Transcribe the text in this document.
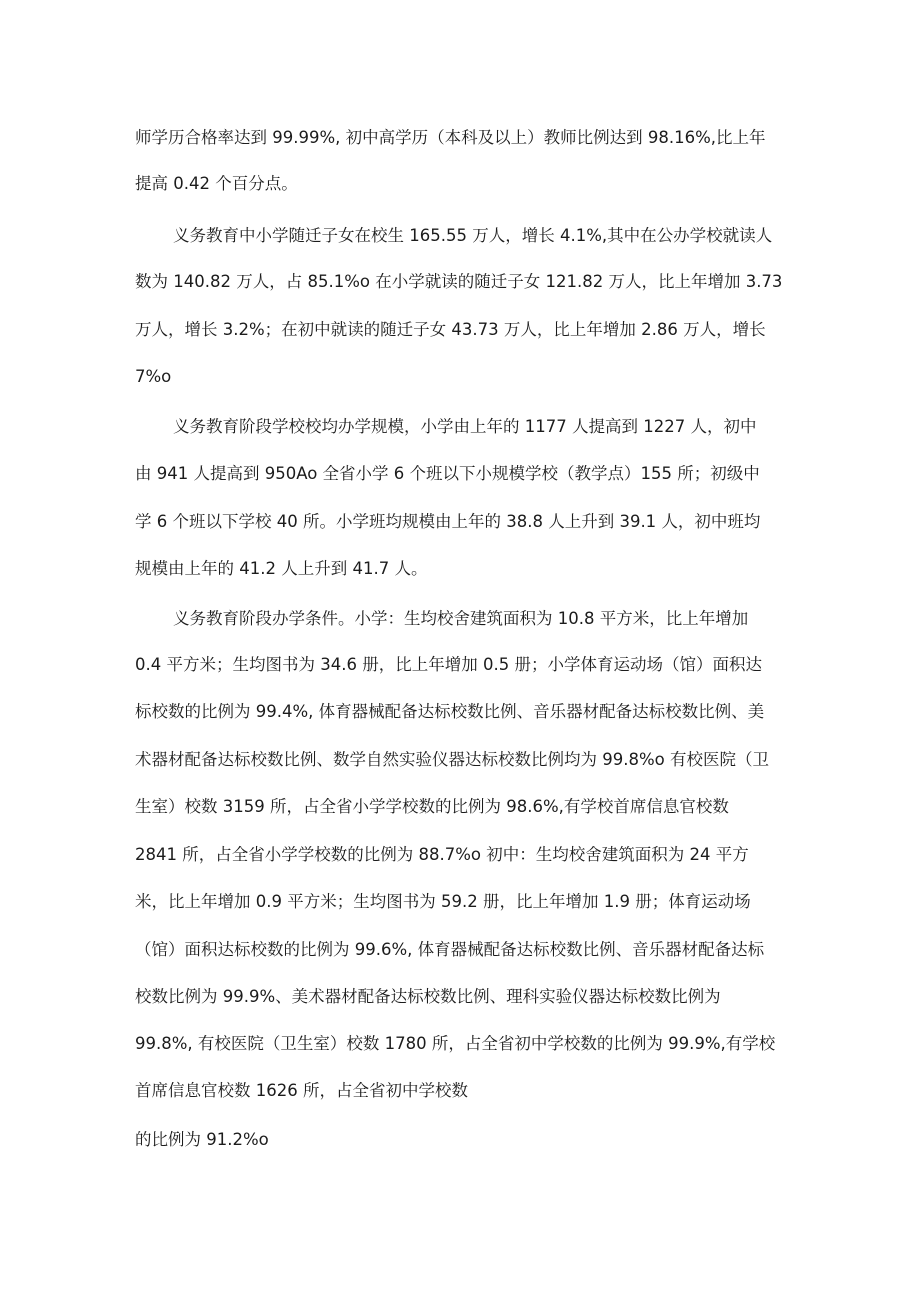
师学历合格率达到 99.99%, 初中高学历（本科及以上）教师比例达到 98.16%,比上年

提高 0.42 个百分点。

义务教育中小学随迁子女在校生 165.55 万人，增长 4.1%,其中在公办学校就读人

数为 140.82 万人，占 85.1%o 在小学就读的随迁子女 121.82 万人，比上年增加 3.73

万人，增长 3.2%；在初中就读的随迁子女 43.73 万人，比上年增加 2.86 万人，增长

7%o

义务教育阶段学校校均办学规模，小学由上年的 1177 人提高到 1227 人，初中

由 941 人提高到 950Ao 全省小学 6 个班以下小规模学校（教学点）155 所；初级中

学 6 个班以下学校 40 所。小学班均规模由上年的 38.8 人上升到 39.1 人，初中班均

规模由上年的 41.2 人上升到 41.7 人。

义务教育阶段办学条件。小学：生均校舍建筑面积为 10.8 平方米，比上年增加

0.4 平方米；生均图书为 34.6 册，比上年增加 0.5 册；小学体育运动场（馆）面积达

标校数的比例为 99.4%, 体育器械配备达标校数比例、音乐器材配备达标校数比例、美

术器材配备达标校数比例、数学自然实验仪器达标校数比例均为 99.8%o 有校医院（卫

生室）校数 3159 所，占全省小学学校数的比例为 98.6%,有学校首席信息官校数

2841 所，占全省小学学校数的比例为 88.7%o 初中：生均校舍建筑面积为 24 平方

米，比上年增加 0.9 平方米；生均图书为 59.2 册，比上年增加 1.9 册；体育运动场

（馆）面积达标校数的比例为 99.6%, 体育器械配备达标校数比例、音乐器材配备达标

校数比例为 99.9%、美术器材配备达标校数比例、理科实验仪器达标校数比例为

99.8%, 有校医院（卫生室）校数 1780 所，占全省初中学校数的比例为 99.9%,有学校

首席信息官校数 1626 所，占全省初中学校数

的比例为 91.2%o
